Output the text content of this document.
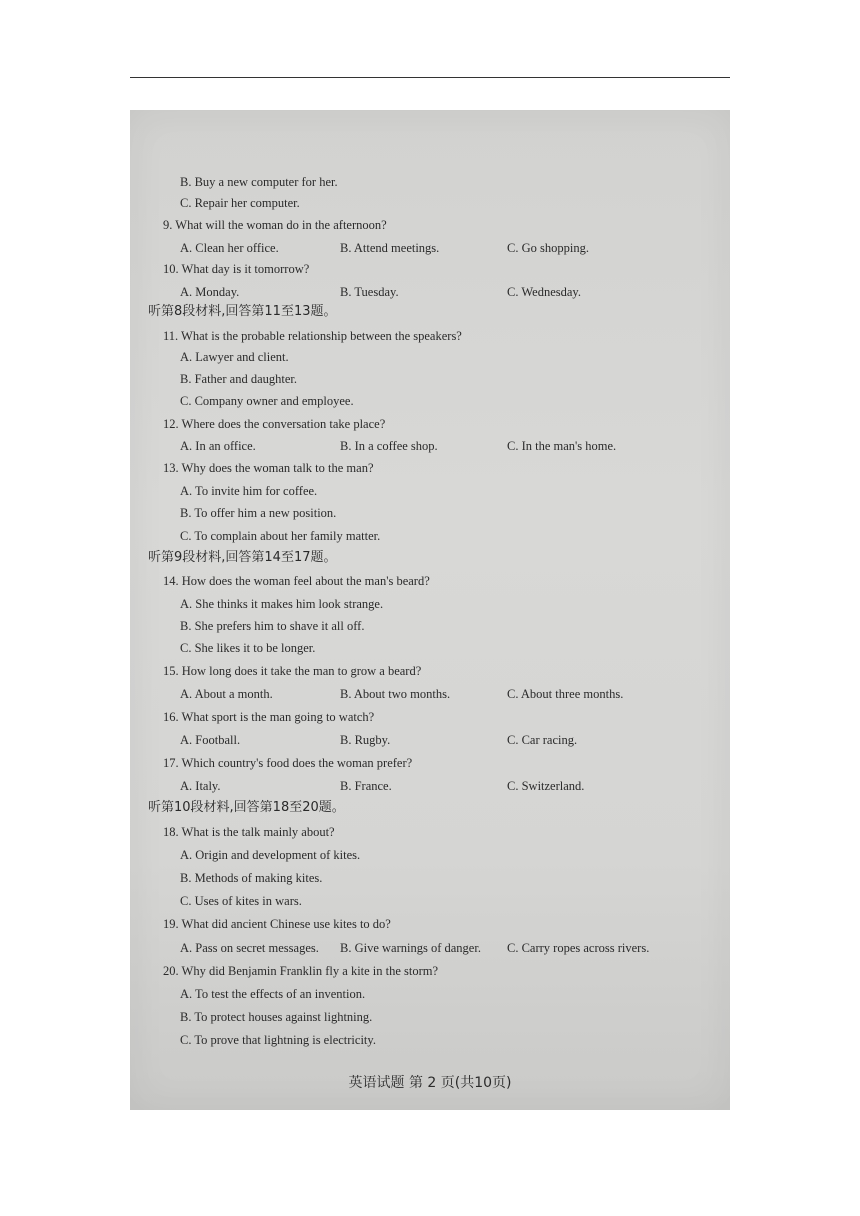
B. Buy a new computer for her.
C. Repair her computer.
9. What will the woman do in the afternoon?
A. Clean her office.	B. Attend meetings.	C. Go shopping.
10. What day is it tomorrow?
A. Monday.	B. Tuesday.	C. Wednesday.
听第8段材料,回答第11至13题。
11. What is the probable relationship between the speakers?
A. Lawyer and client.
B. Father and daughter.
C. Company owner and employee.
12. Where does the conversation take place?
A. In an office.	B. In a coffee shop.	C. In the man's home.
13. Why does the woman talk to the man?
A. To invite him for coffee.
B. To offer him a new position.
C. To complain about her family matter.
听第9段材料,回答第14至17题。
14. How does the woman feel about the man's beard?
A. She thinks it makes him look strange.
B. She prefers him to shave it all off.
C. She likes it to be longer.
15. How long does it take the man to grow a beard?
A. About a month.	B. About two months.	C. About three months.
16. What sport is the man going to watch?
A. Football.	B. Rugby.	C. Car racing.
17. Which country's food does the woman prefer?
A. Italy.	B. France.	C. Switzerland.
听第10段材料,回答第18至20题。
18. What is the talk mainly about?
A. Origin and development of kites.
B. Methods of making kites.
C. Uses of kites in wars.
19. What did ancient Chinese use kites to do?
A. Pass on secret messages. B. Give warnings of danger. C. Carry ropes across rivers.
20. Why did Benjamin Franklin fly a kite in the storm?
A. To test the effects of an invention.
B. To protect houses against lightning.
C. To prove that lightning is electricity.
英语试题 第 2 页(共10页)
